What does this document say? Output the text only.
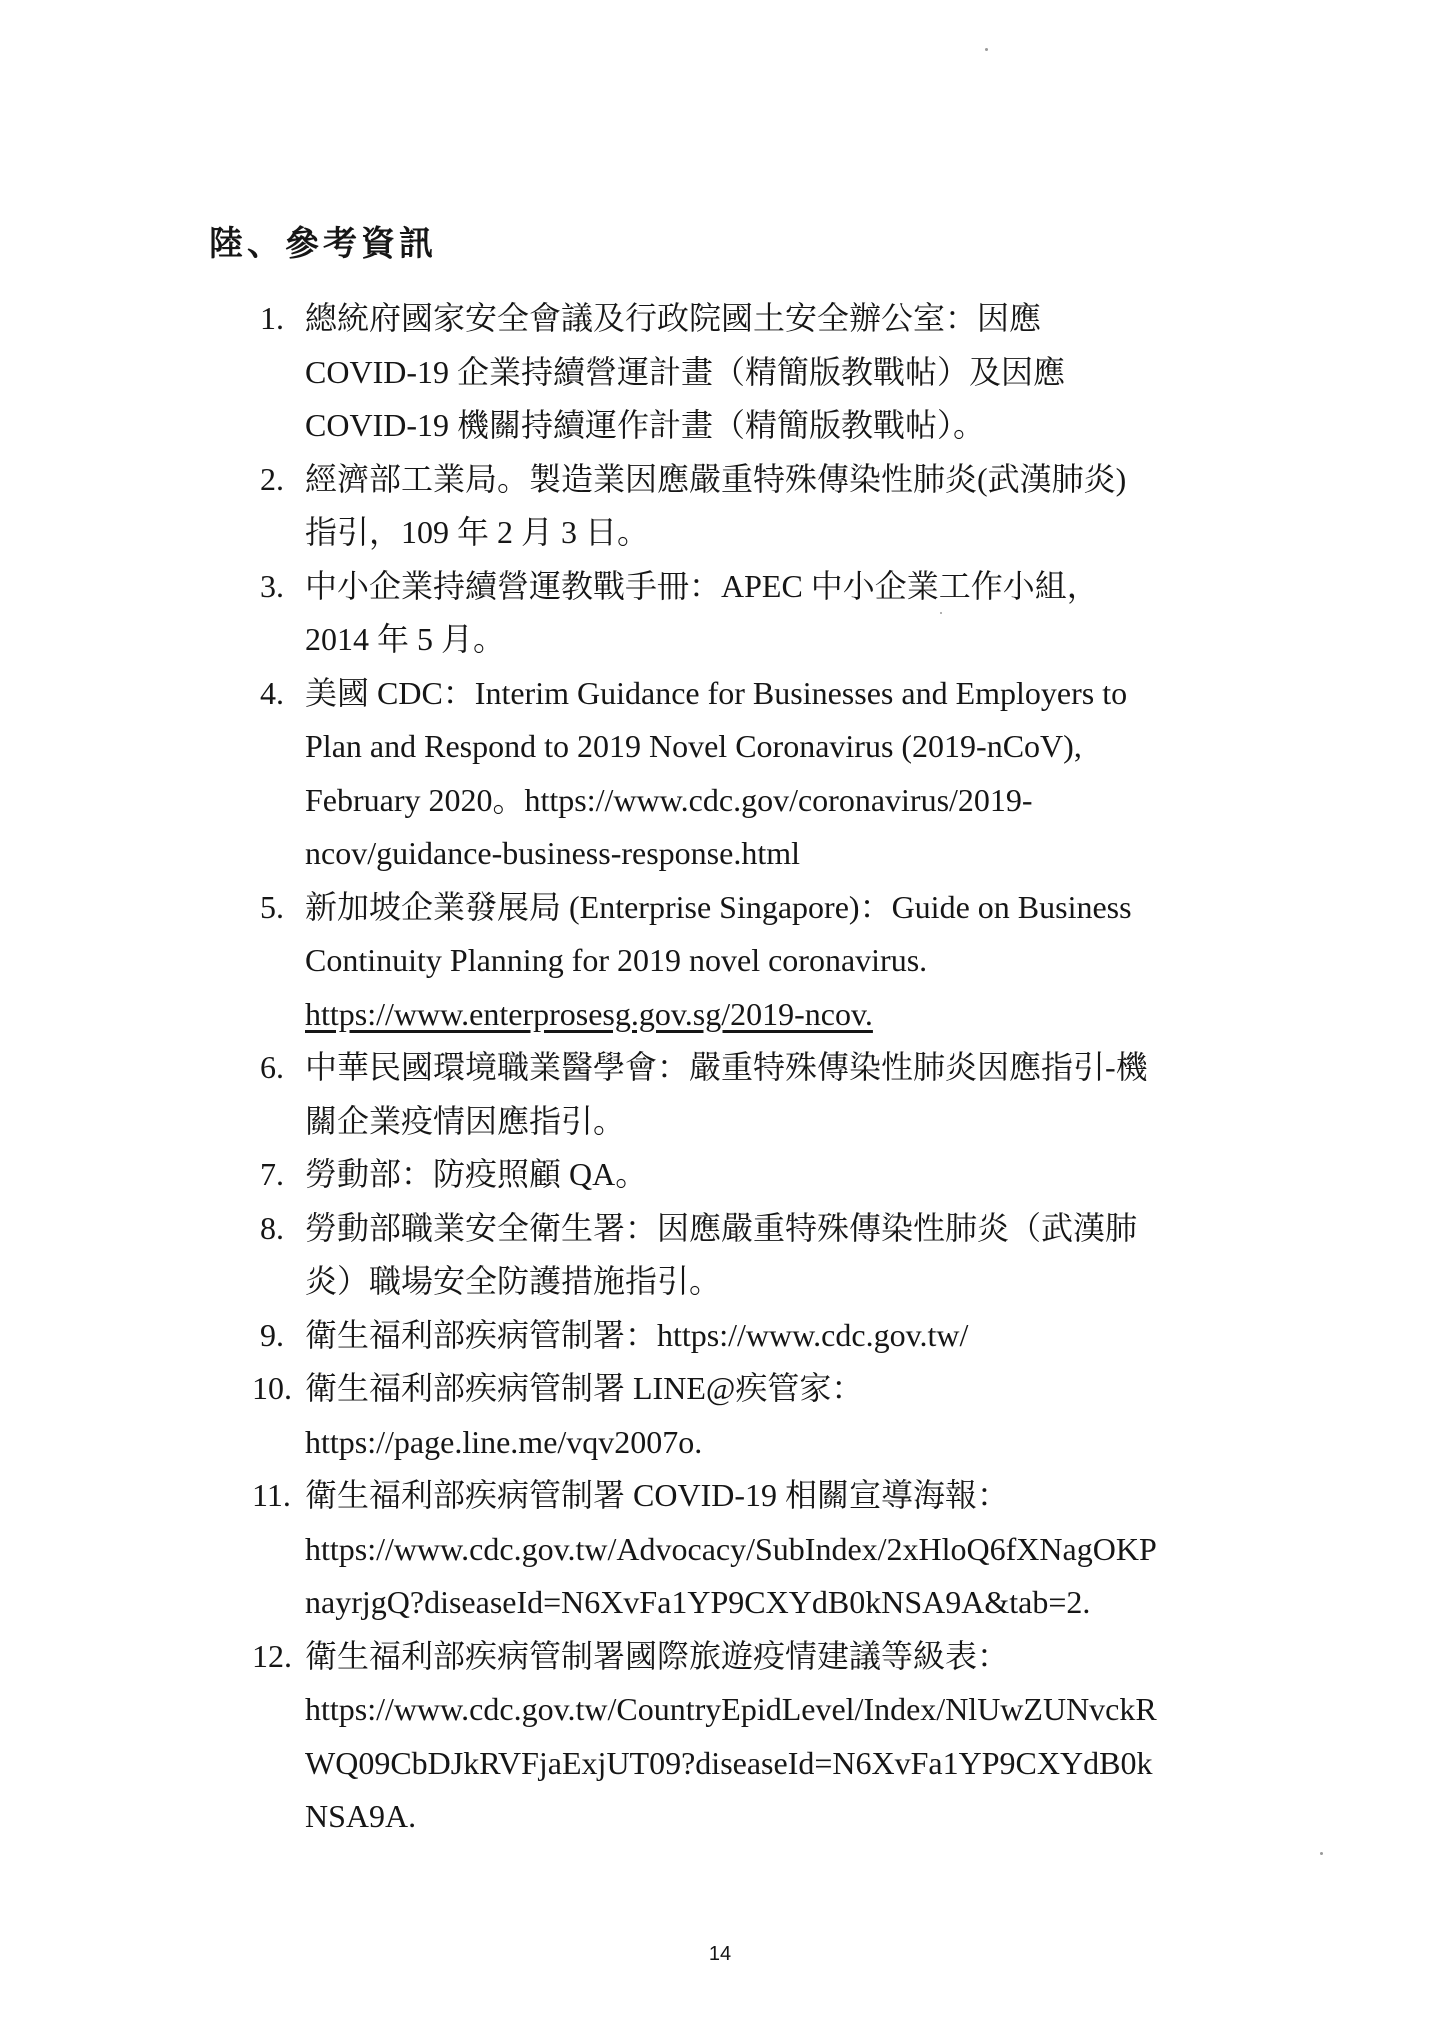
陸、參考資訊
1. 總統府國家安全會議及行政院國土安全辦公室：因應
COVID-19 企業持續營運計畫（精簡版教戰帖）及因應
COVID-19 機關持續運作計畫（精簡版教戰帖）。
2. 經濟部工業局。製造業因應嚴重特殊傳染性肺炎(武漢肺炎)
指引，109 年 2 月 3 日。
3. 中小企業持續營運教戰手冊：APEC 中小企業工作小組，
2014 年 5 月。
4. 美國 CDC：Interim Guidance for Businesses and Employers to
Plan and Respond to 2019 Novel Coronavirus (2019-nCoV),
February 2020。https://www.cdc.gov/coronavirus/2019-
ncov/guidance-business-response.html
5. 新加坡企業發展局 (Enterprise Singapore)：Guide on Business
Continuity Planning for 2019 novel coronavirus.
https://www.enterprosesg.gov.sg/2019-ncov.
6. 中華民國環境職業醫學會：嚴重特殊傳染性肺炎因應指引-機
關企業疫情因應指引。
7. 勞動部：防疫照顧 QA。
8. 勞動部職業安全衛生署：因應嚴重特殊傳染性肺炎（武漢肺
炎）職場安全防護措施指引。
9. 衛生福利部疾病管制署：https://www.cdc.gov.tw/
10. 衛生福利部疾病管制署 LINE@疾管家：
https://page.line.me/vqv2007o.
11. 衛生福利部疾病管制署 COVID-19 相關宣導海報：
https://www.cdc.gov.tw/Advocacy/SubIndex/2xHloQ6fXNagOKP
nayrjgQ?diseaseId=N6XvFa1YP9CXYdB0kNSA9A&tab=2.
12. 衛生福利部疾病管制署國際旅遊疫情建議等級表：
https://www.cdc.gov.tw/CountryEpidLevel/Index/NlUwZUNvckR
WQ09CbDJkRVFjaExjUT09?diseaseId=N6XvFa1YP9CXYdB0k
NSA9A.
14
